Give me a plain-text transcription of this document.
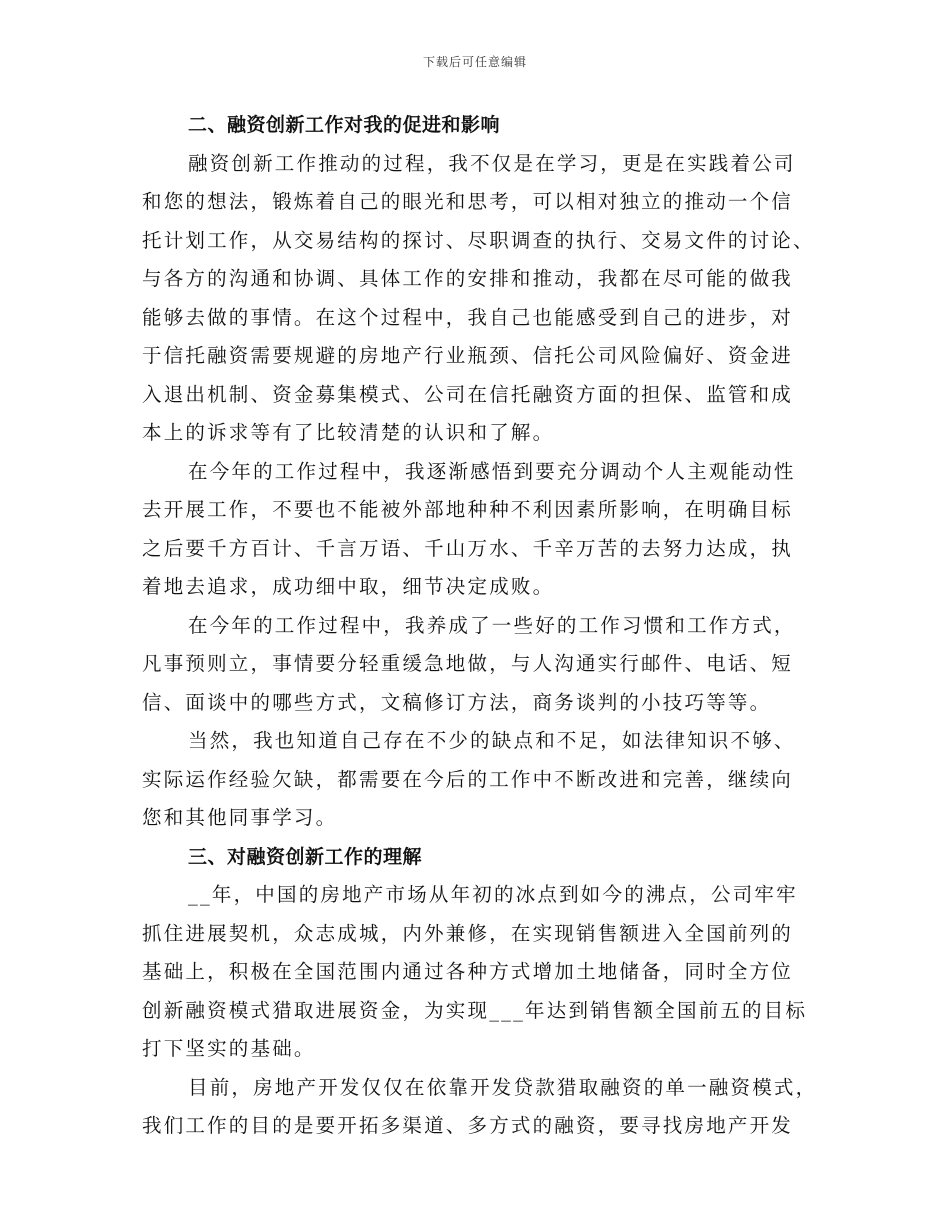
下载后可任意编辑
二、融资创新工作对我的促进和影响
融资创新工作推动的过程，我不仅是在学习，更是在实践着公司
和您的想法，锻炼着自己的眼光和思考，可以相对独立的推动一个信
托计划工作，从交易结构的探讨、尽职调查的执行、交易文件的讨论、
与各方的沟通和协调、具体工作的安排和推动，我都在尽可能的做我
能够去做的事情。在这个过程中，我自己也能感受到自己的进步，对
于信托融资需要规避的房地产行业瓶颈、信托公司风险偏好、资金进
入退出机制、资金募集模式、公司在信托融资方面的担保、监管和成
本上的诉求等有了比较清楚的认识和了解。
在今年的工作过程中，我逐渐感悟到要充分调动个人主观能动性
去开展工作，不要也不能被外部地种种不利因素所影响，在明确目标
之后要千方百计、千言万语、千山万水、千辛万苦的去努力达成，执
着地去追求，成功细中取，细节决定成败。
在今年的工作过程中，我养成了一些好的工作习惯和工作方式，
凡事预则立，事情要分轻重缓急地做，与人沟通实行邮件、电话、短
信、面谈中的哪些方式，文稿修订方法，商务谈判的小技巧等等。
当然，我也知道自己存在不少的缺点和不足，如法律知识不够、
实际运作经验欠缺，都需要在今后的工作中不断改进和完善，继续向
您和其他同事学习。
三、对融资创新工作的理解
__年，中国的房地产市场从年初的冰点到如今的沸点，公司牢牢
抓住进展契机，众志成城，内外兼修，在实现销售额进入全国前列的
基础上，积极在全国范围内通过各种方式增加土地储备，同时全方位
创新融资模式猎取进展资金，为实现___年达到销售额全国前五的目标
打下坚实的基础。
目前，房地产开发仅仅在依靠开发贷款猎取融资的单一融资模式，
我们工作的目的是要开拓多渠道、多方式的融资，要寻找房地产开发
